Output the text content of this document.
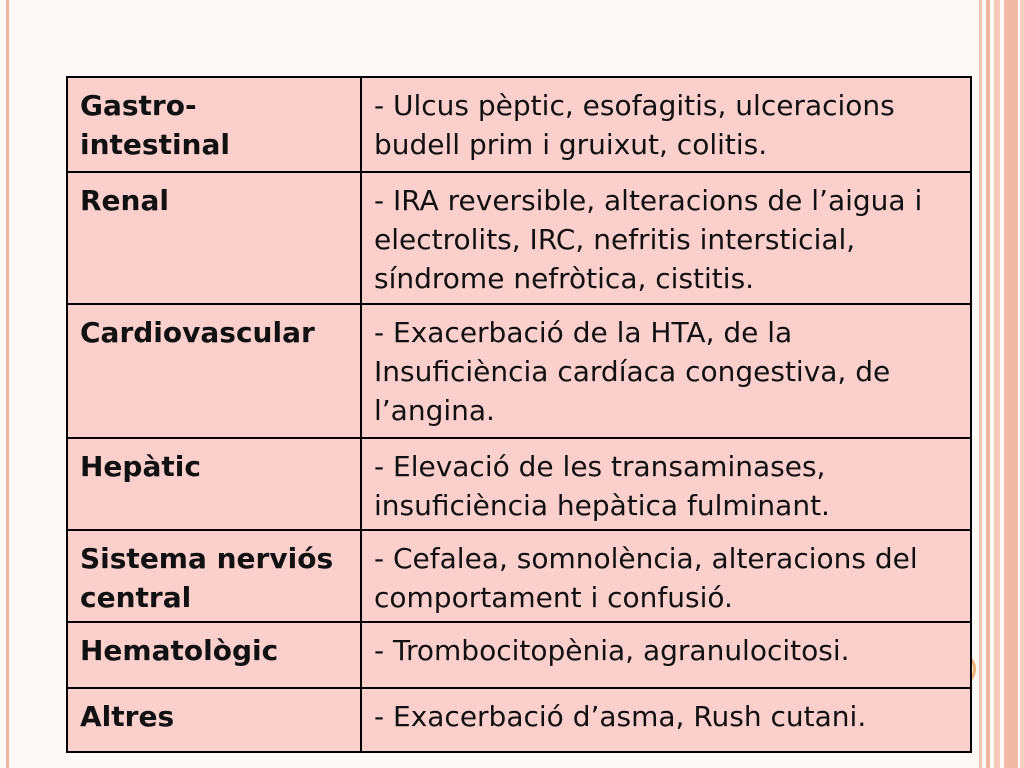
Gastro-
intestinal	- Ulcus pèptic, esofagitis, ulceracions budell prim i gruixut, colitis.
Renal	- IRA reversible, alteracions de l’aigua i electrolits, IRC, nefritis intersticial, síndrome nefròtica, cistitis.
Cardiovascular	- Exacerbació de la HTA, de la Insuficiència cardíaca congestiva, de l’angina.
Hepàtic	- Elevació de les transaminases, insuficiència hepàtica fulminant.
Sistema nerviós central	- Cefalea, somnolència, alteracions del comportament i confusió.
Hematològic	- Trombocitopènia, agranulocitosi.
Altres	- Exacerbació d’asma, Rush cutani.
